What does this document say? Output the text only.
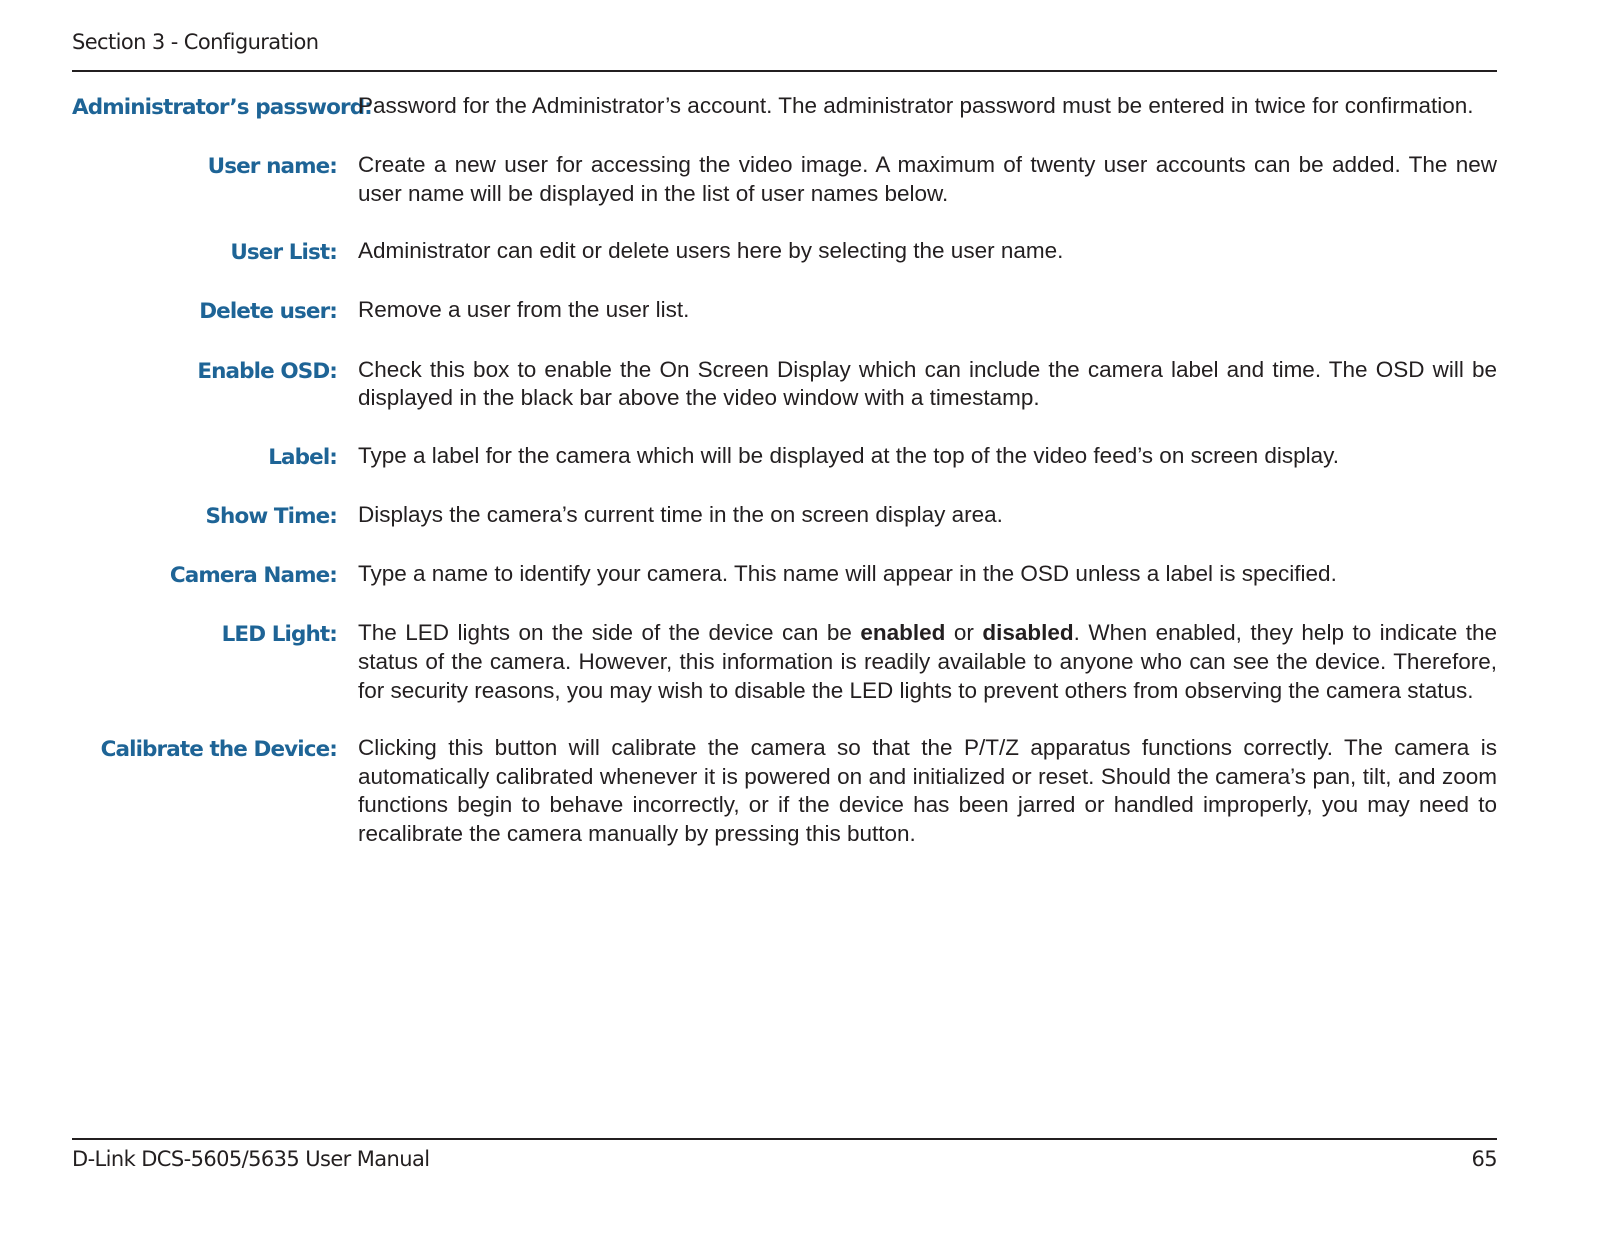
Section 3 - Configuration
Administrator’s password:
Password for the Administrator’s account. The administrator password must be entered in twice for confirmation.
User name: Create a new user for accessing the video image. A maximum of twenty user accounts can be added. The new user name will be displayed in the list of user names below.
User List: Administrator can edit or delete users here by selecting the user name.
Delete user: Remove a user from the user list.
Enable OSD: Check this box to enable the On Screen Display which can include the camera label and time. The OSD will be displayed in the black bar above the video window with a timestamp.
Label: Type a label for the camera which will be displayed at the top of the video feed’s on screen display.
Show Time: Displays the camera’s current time in the on screen display area.
Camera Name: Type a name to identify your camera. This name will appear in the OSD unless a label is specified.
LED Light: The LED lights on the side of the device can be enabled or disabled. When enabled, they help to indicate the status of the camera. However, this information is readily available to anyone who can see the device. Therefore, for security reasons, you may wish to disable the LED lights to prevent others from observing the camera status.
Calibrate the Device: Clicking this button will calibrate the camera so that the P/T/Z apparatus functions correctly. The camera is automatically calibrated whenever it is powered on and initialized or reset. Should the camera’s pan, tilt, and zoom functions begin to behave incorrectly, or if the device has been jarred or handled improperly, you may need to recalibrate the camera manually by pressing this button.
D-Link DCS-5605/5635 User Manual	65
